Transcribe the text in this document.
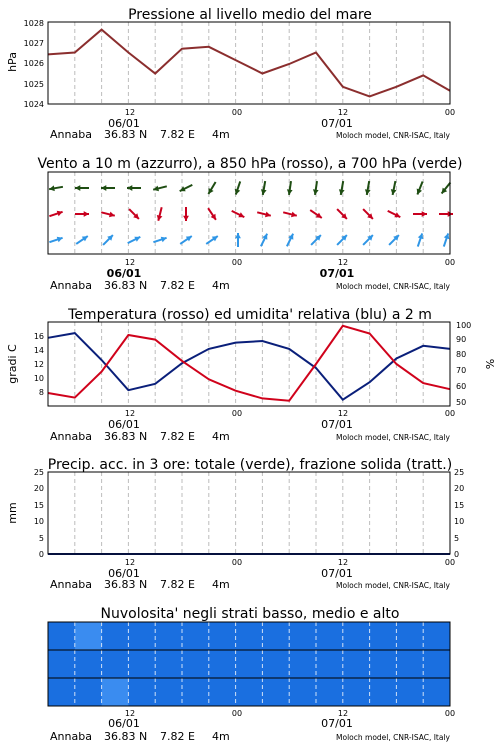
Pressione al livello medio del mare
hPa
1024
1025
1026
1027
1028
12	00	12	00
06/01	07/01
Annaba 36.83 N 7.82 E 4m	Moloch model, CNR-ISAC, Italy
Vento a 10 m (azzurro), a 850 hPa (rosso), a 700 hPa (verde)
12	00	12	00
06/01	07/01
Annaba 36.83 N 7.82 E 4m	Moloch model, CNR-ISAC, Italy
Temperatura (rosso) ed umidita' relativa (blu) a 2 m
gradi C	%
8
10
12
14
16
50
60
70
80
90
100
12	00	12	00
06/01	07/01
Annaba 36.83 N 7.82 E 4m	Moloch model, CNR-ISAC, Italy
Precip. acc. in 3 ore: totale (verde), frazione solida (tratt.)
mm
0
5
10
15
20
25
0
5
10
15
20
25
12	00	12	00
06/01	07/01
Annaba 36.83 N 7.82 E 4m	Moloch model, CNR-ISAC, Italy
Nuvolosita' negli strati basso, medio e alto
12	00	12	00
06/01	07/01
Annaba 36.83 N 7.82 E 4m	Moloch model, CNR-ISAC, Italy
